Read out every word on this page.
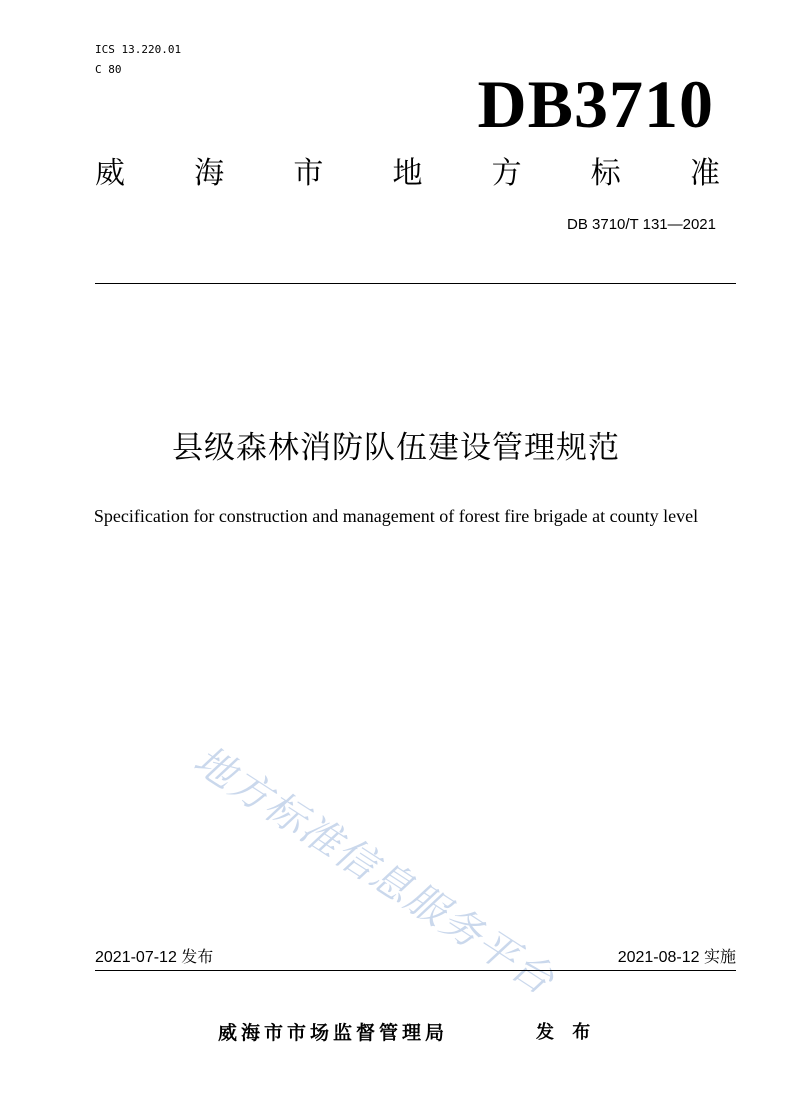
ICS 13.220.01
C 80	DB3710
威 海 市 地 方 标 准
DB 3710/T 131—2021
县级森林消防队伍建设管理规范
Specification for construction and management of forest fire brigade at county level
地方标准信息服务平台
2021-07-12 发布	2021-08-12 实施
威海市市场监督管理局	发 布
